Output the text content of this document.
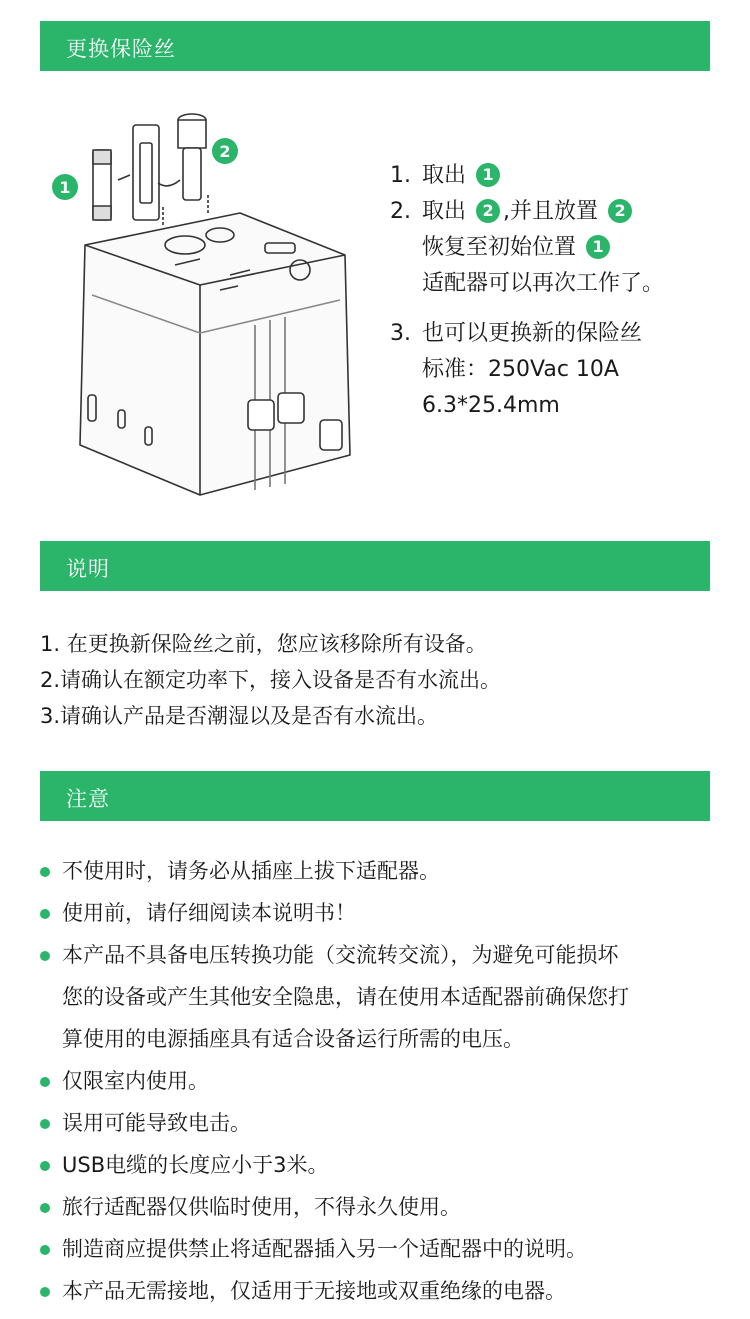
更换保险丝
1
2
1. 取出 1
2. 取出 2 ,并且放置 2
恢复至初始位置 1
适配器可以再次工作了。
3. 也可以更换新的保险丝
标准：250Vac 10A
6.3*25.4mm
说明
1. 在更换新保险丝之前，您应该移除所有设备。
2.请确认在额定功率下，接入设备是否有水流出。
3.请确认产品是否潮湿以及是否有水流出。
注意
不使用时，请务必从插座上拔下适配器。
使用前，请仔细阅读本说明书！
本产品不具备电压转换功能（交流转交流），为避免可能损坏
您的设备或产生其他安全隐患，请在使用本适配器前确保您打
算使用的电源插座具有适合设备运行所需的电压。
仅限室内使用。
误用可能导致电击。
USB电缆的长度应小于3米。
旅行适配器仅供临时使用，不得永久使用。
制造商应提供禁止将适配器插入另一个适配器中的说明。
本产品无需接地，仅适用于无接地或双重绝缘的电器。
